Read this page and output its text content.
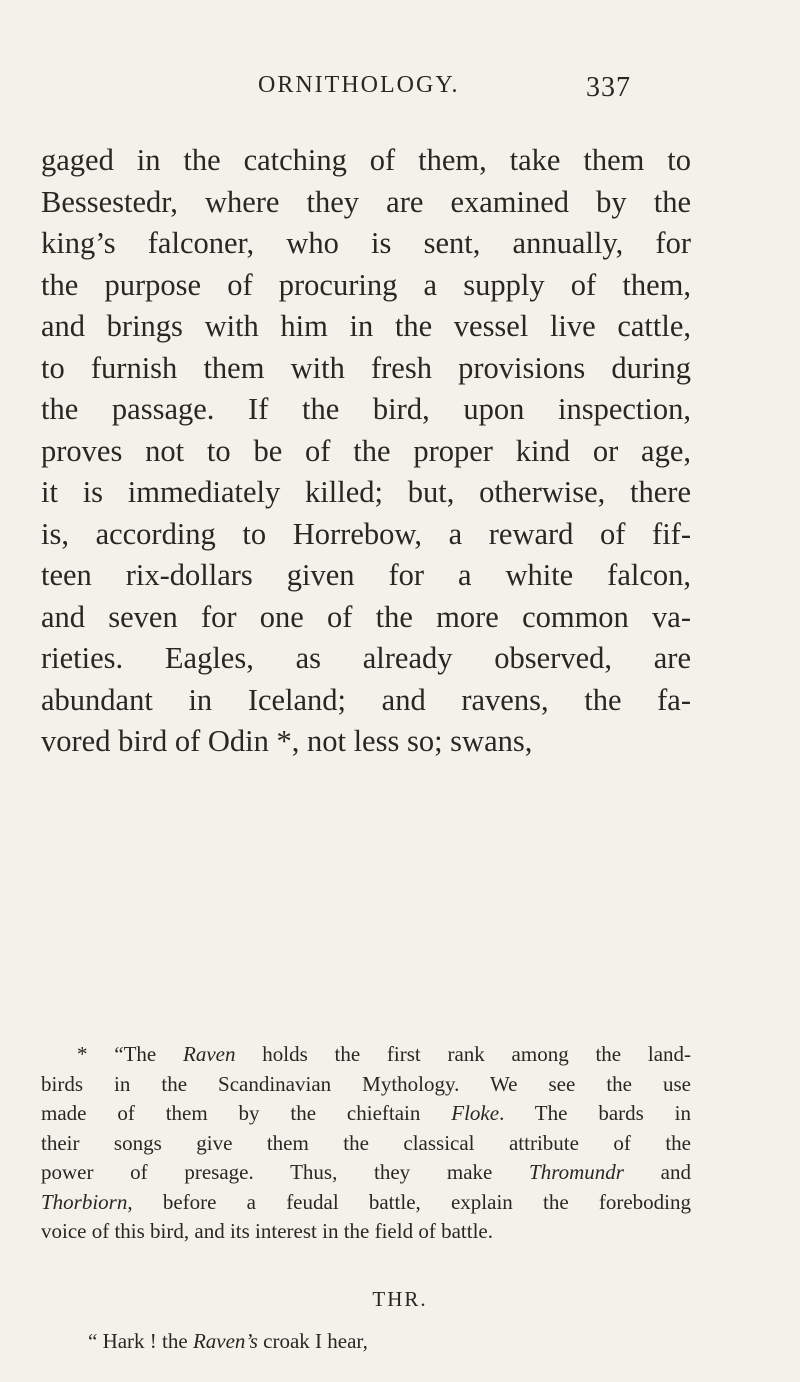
ORNITHOLOGY.	337
gaged in the catching of them, take them to
Bessestedr, where they are examined by the
king’s falconer, who is sent, annually, for
the purpose of procuring a supply of them,
and brings with him in the vessel live cattle,
to furnish them with fresh provisions during
the passage. If the bird, upon inspection,
proves not to be of the proper kind or age,
it is immediately killed; but, otherwise, there
is, according to Horrebow, a reward of fif-
teen rix-dollars given for a white falcon,
and seven for one of the more common va-
rieties. Eagles, as already observed, are
abundant in Iceland; and ravens, the fa-
vored bird of Odin *, not less so; swans,
* “The Raven holds the first rank among the land-
birds in the Scandinavian Mythology. We see the use
made of them by the chieftain Floke. The bards in
their songs give them the classical attribute of the
power of presage. Thus, they make Thromundr and
Thorbiorn, before a feudal battle, explain the foreboding
voice of this bird, and its interest in the field of battle.
THR.
“ Hark ! the Raven’s croak I hear,
